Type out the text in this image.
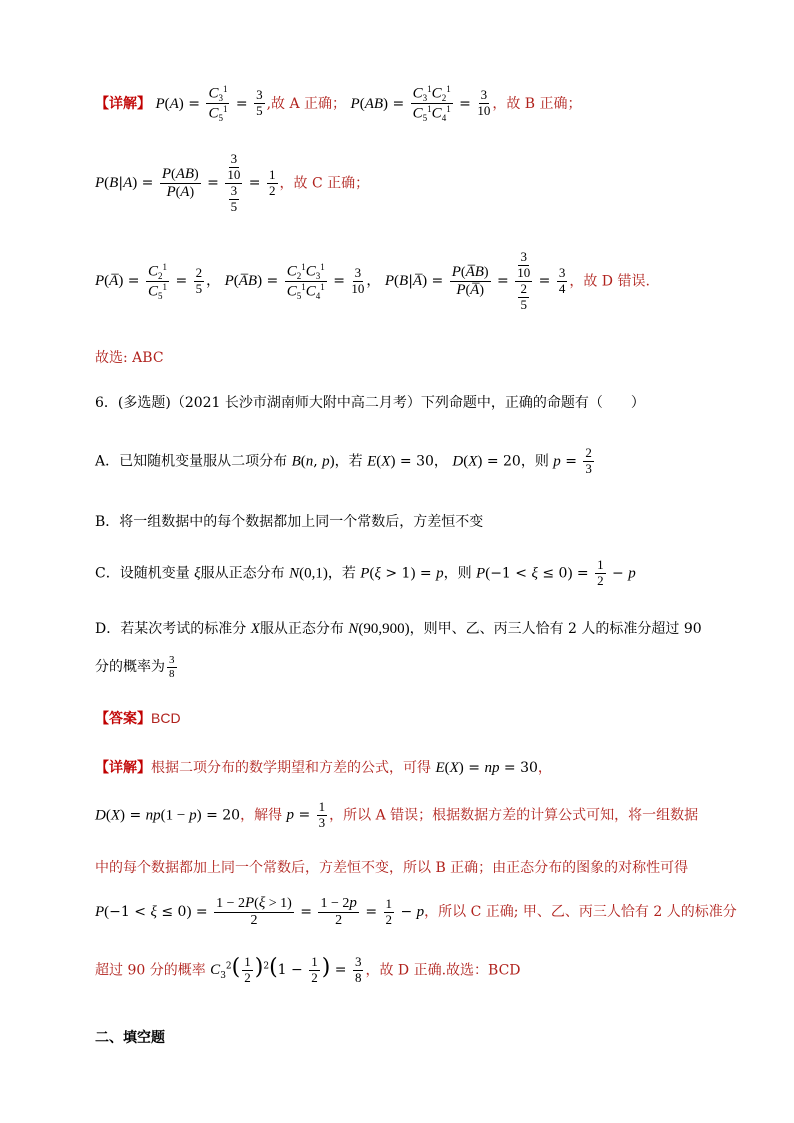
【详解】 $P(A) = \frac{C_3^1}{C_5^1} = \frac{3}{5}$ ,故 A 正确； $P(AB) = \frac{C_3^1C_2^1}{C_5^1C_4^1} = \frac{3}{10}$ ，故 B 正确；
$P(B|A) = \frac{P(AB)}{P(A)} = \frac{\frac{3}{10}}{\frac{3}{5}} = \frac{1}{2}$ ，故 C 正确；
P(A̅) = $\frac{C_2^1}{C_5^1} = \frac{2}{5}$ ， P(A̅B) = $\frac{C_2^1C_3^1}{C_5^1C_4^1} = \frac{3}{10}$ ， P(B|A̅) = $\frac{P(A̅B)}{P(A̅)} = \frac{\frac{3}{10}}{\frac{2}{5}} = \frac{3}{4}$ ，故 D 错误.
故选: ABC
6．(多选题)（2021 长沙市湖南师大附中高二月考）下列命题中，正确的命题有（　　）
A．已知随机变量服从二项分布 B(n, p)，若 E(X) = 30， D(X) = 20，则 $p = \frac{2}{3}$
B．将一组数据中的每个数据都加上同一个常数后，方差恒不变
C．设随机变量 ξ服从正态分布 N(0,1)，若 P(ξ > 1) = p，则 $P(-1 < \xi \le 0) = \frac{1}{2} - p$
D．若某次考试的标准分 X服从正态分布 N(90,900)，则甲、乙、丙三人恰有 2 人的标准分超过 90
分的概率为 $\frac{3}{8}$
【答案】BCD
【详解】根据二项分布的数学期望和方差的公式，可得 E(X) = np = 30，
D(X) = np(1 − p) = 20，解得 $p = \frac{1}{3}$ ，所以 A 错误；根据数据方差的计算公式可知，将一组数据
中的每个数据都加上同一个常数后，方差恒不变，所以 B 正确；由正态分布的图象的对称性可得
$P(-1 < \xi \le 0) = \frac{1 - 2P(\xi > 1)}{2} = \frac{1 - 2p}{2} = \frac{1}{2} - p$，所以 C 正确; 甲、乙、丙三人恰有 2 人的标准分
超过 90 分的概率 $C_3^2( \frac{1}{2} )^2(1 - \frac{1}{2}$ ) = $\frac{3}{8}$ ，故 D 正确.故选：BCD
二、填空题
